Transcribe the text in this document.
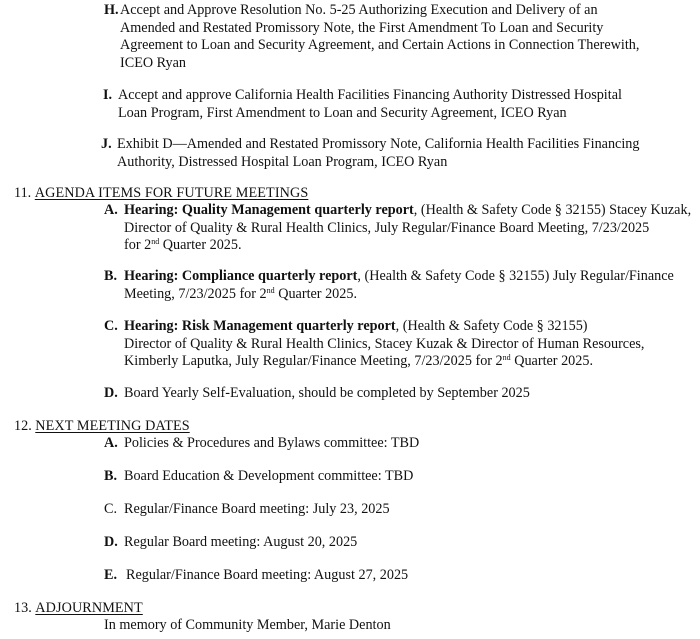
H. Accept and Approve Resolution No. 5-25 Authorizing Execution and Delivery of an
Amended and Restated Promissory Note, the First Amendment To Loan and Security
Agreement to Loan and Security Agreement, and Certain Actions in Connection Therewith,
ICEO Ryan
I. Accept and approve California Health Facilities Financing Authority Distressed Hospital
Loan Program, First Amendment to Loan and Security Agreement, ICEO Ryan
J. Exhibit D—Amended and Restated Promissory Note, California Health Facilities Financing
Authority, Distressed Hospital Loan Program, ICEO Ryan
11. AGENDA ITEMS FOR FUTURE MEETINGS
A. Hearing: Quality Management quarterly report, (Health & Safety Code § 32155) Stacey Kuzak,
Director of Quality & Rural Health Clinics, July Regular/Finance Board Meeting, 7/23/2025
for 2nd Quarter 2025.
B. Hearing: Compliance quarterly report, (Health & Safety Code § 32155) July Regular/Finance
Meeting, 7/23/2025 for 2nd Quarter 2025.
C. Hearing: Risk Management quarterly report, (Health & Safety Code § 32155)
Director of Quality & Rural Health Clinics, Stacey Kuzak & Director of Human Resources,
Kimberly Laputka, July Regular/Finance Meeting, 7/23/2025 for 2nd Quarter 2025.
D. Board Yearly Self-Evaluation, should be completed by September 2025
12. NEXT MEETING DATES
A. Policies & Procedures and Bylaws committee: TBD
B. Board Education & Development committee: TBD
C. Regular/Finance Board meeting: July 23, 2025
D. Regular Board meeting: August 20, 2025
E. Regular/Finance Board meeting: August 27, 2025
13. ADJOURNMENT
In memory of Community Member, Marie Denton
